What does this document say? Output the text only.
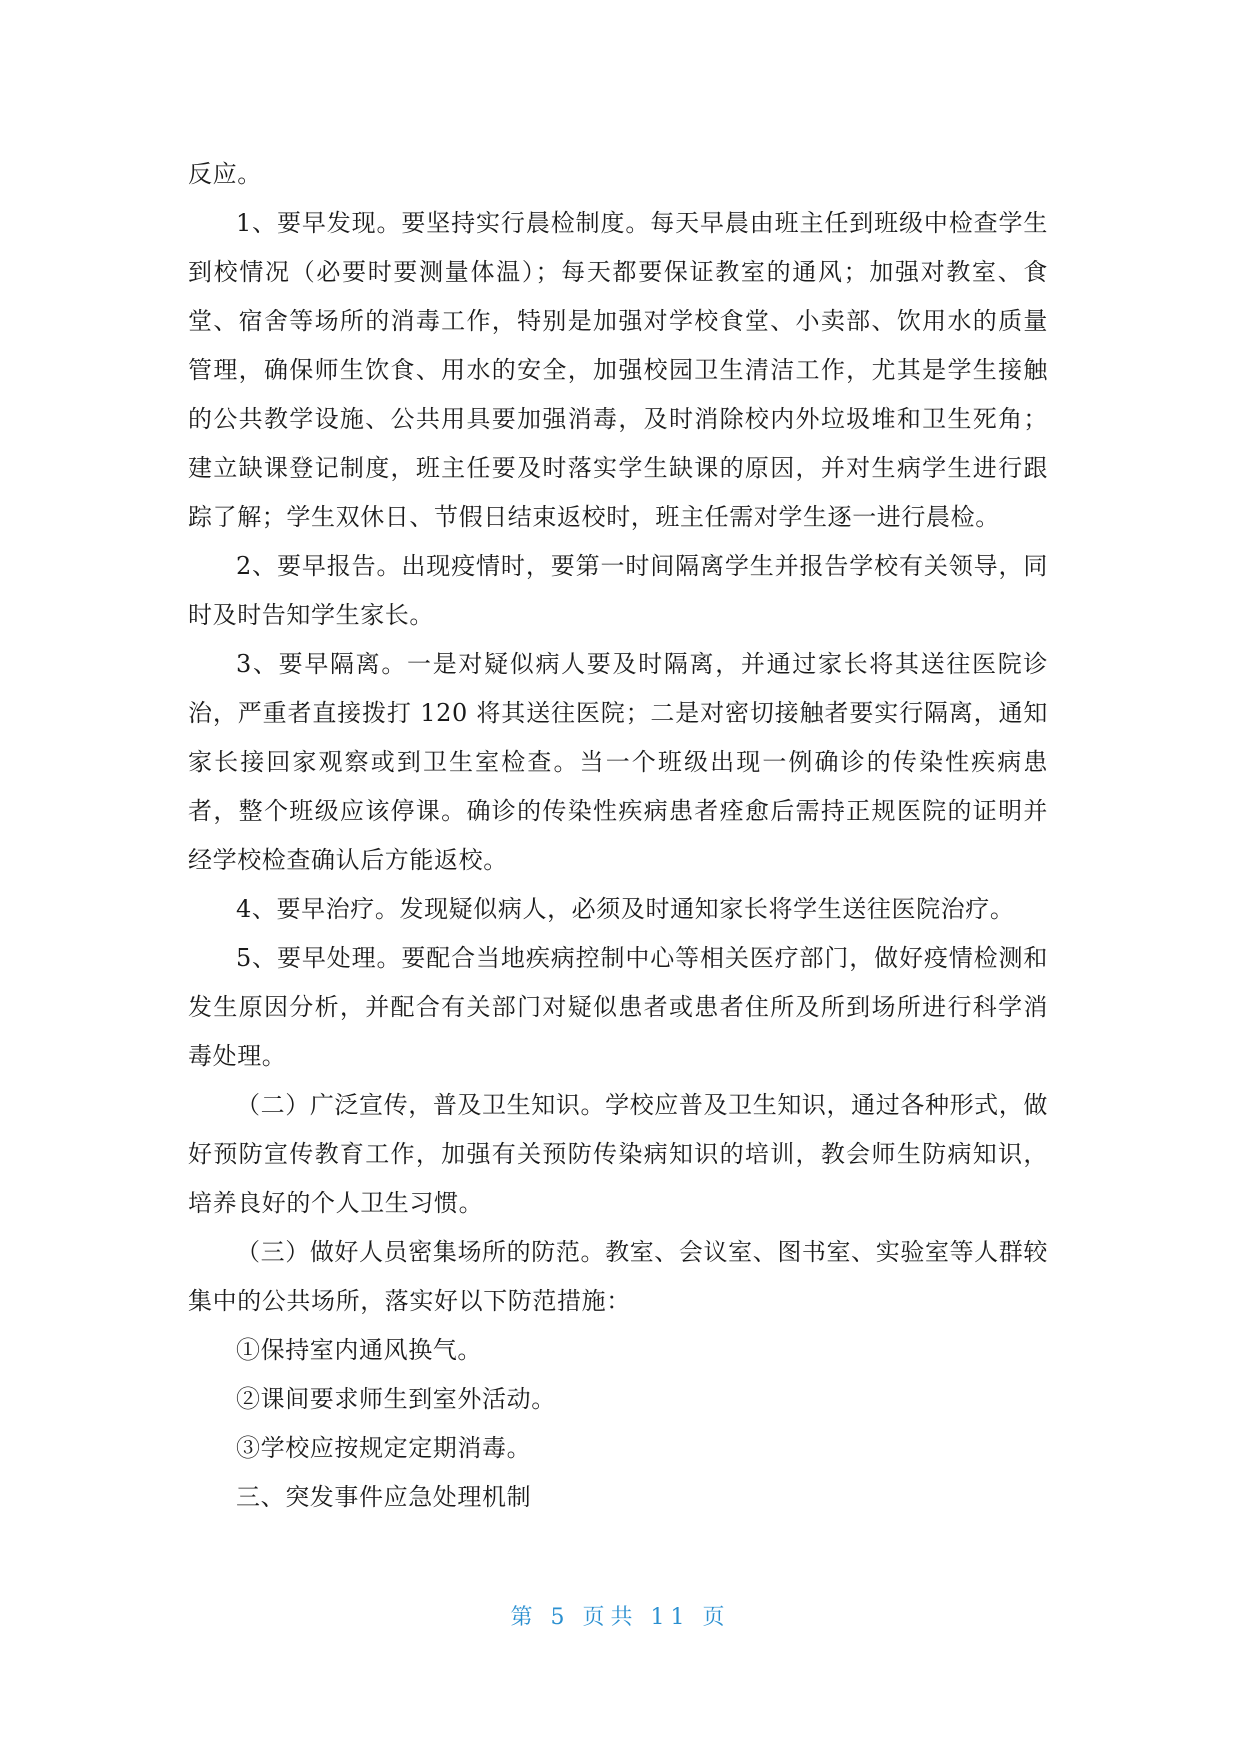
反应。

1、要早发现。要坚持实行晨检制度。每天早晨由班主任到班级中检查学生到校情况（必要时要测量体温）；每天都要保证教室的通风；加强对教室、食堂、宿舍等场所的消毒工作，特别是加强对学校食堂、小卖部、饮用水的质量管理，确保师生饮食、用水的安全，加强校园卫生清洁工作，尤其是学生接触的公共教学设施、公共用具要加强消毒，及时消除校内外垃圾堆和卫生死角；建立缺课登记制度，班主任要及时落实学生缺课的原因，并对生病学生进行跟踪了解；学生双休日、节假日结束返校时，班主任需对学生逐一进行晨检。

2、要早报告。出现疫情时，要第一时间隔离学生并报告学校有关领导，同时及时告知学生家长。

3、要早隔离。一是对疑似病人要及时隔离，并通过家长将其送往医院诊治，严重者直接拨打 120 将其送往医院；二是对密切接触者要实行隔离，通知家长接回家观察或到卫生室检查。当一个班级出现一例确诊的传染性疾病患者，整个班级应该停课。确诊的传染性疾病患者痊愈后需持正规医院的证明并经学校检查确认后方能返校。

4、要早治疗。发现疑似病人，必须及时通知家长将学生送往医院治疗。

5、要早处理。要配合当地疾病控制中心等相关医疗部门，做好疫情检测和发生原因分析，并配合有关部门对疑似患者或患者住所及所到场所进行科学消毒处理。

（二）广泛宣传，普及卫生知识。学校应普及卫生知识，通过各种形式，做好预防宣传教育工作，加强有关预防传染病知识的培训，教会师生防病知识，培养良好的个人卫生习惯。

（三）做好人员密集场所的防范。教室、会议室、图书室、实验室等人群较集中的公共场所，落实好以下防范措施：

①保持室内通风换气。

②课间要求师生到室外活动。

③学校应按规定定期消毒。

三、突发事件应急处理机制

第 5 页共 11 页
